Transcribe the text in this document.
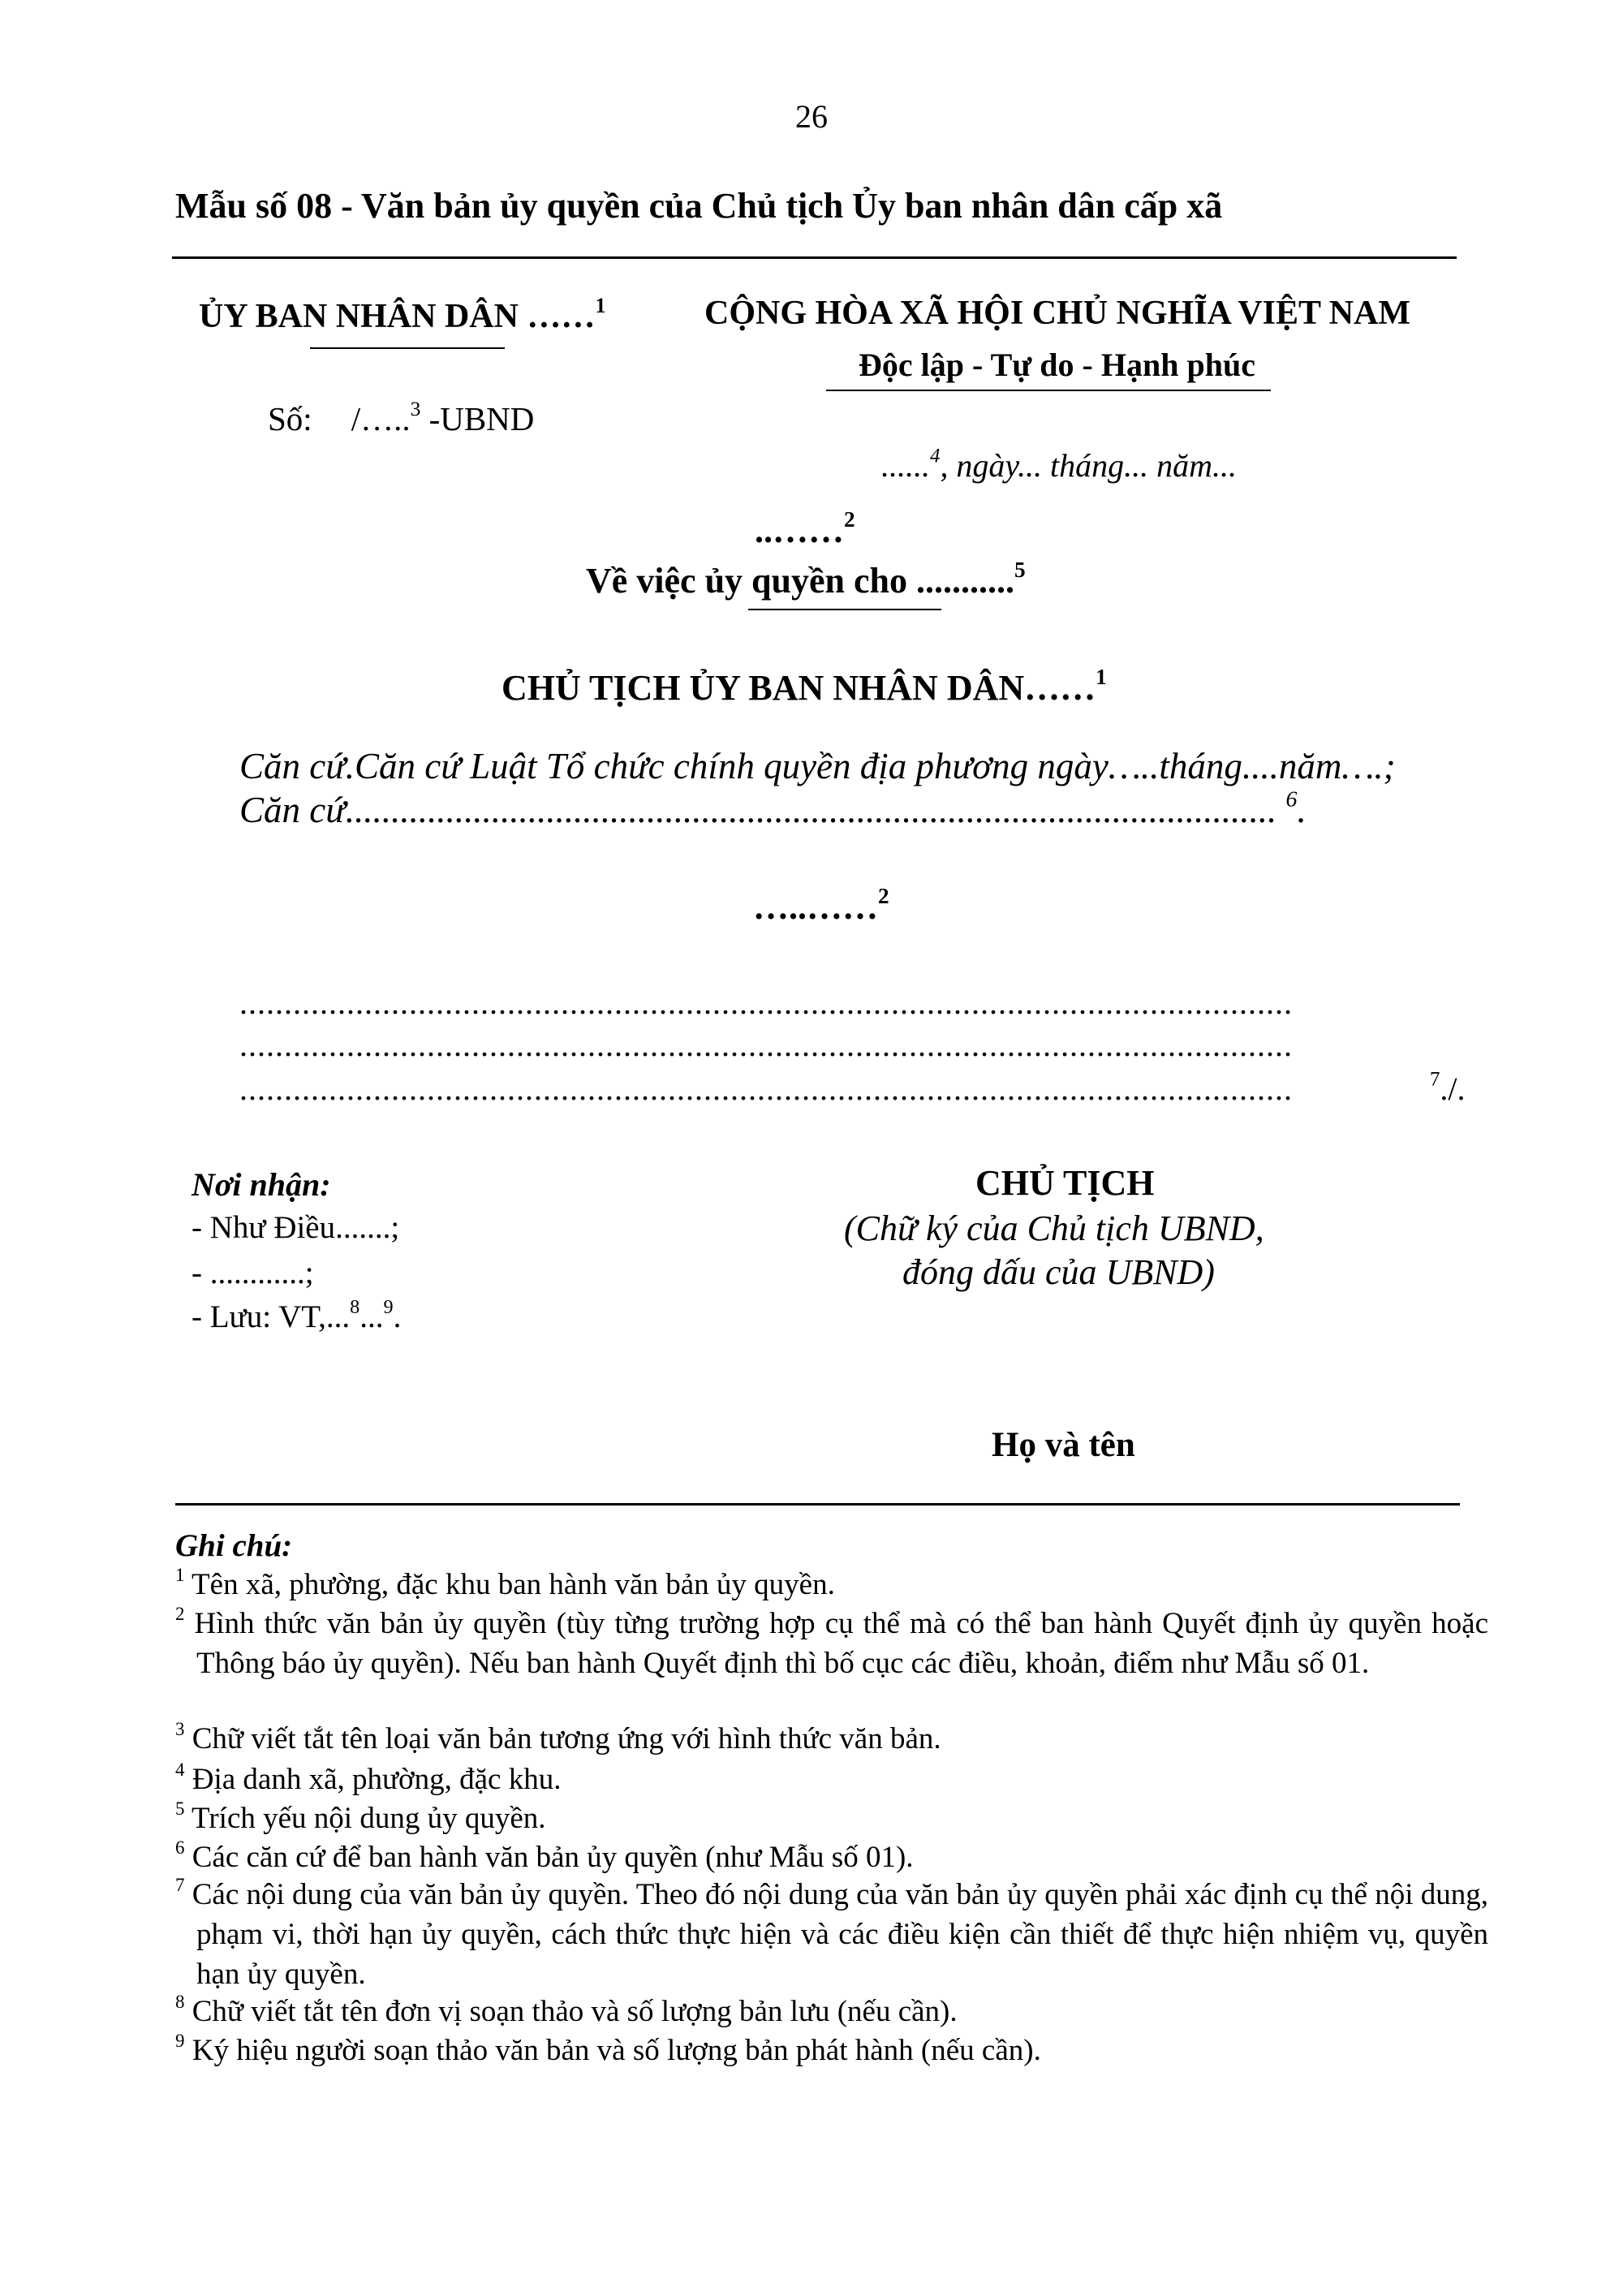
26
Mẫu số 08 - Văn bản ủy quyền của Chủ tịch Ủy ban nhân dân cấp xã
ỦY BAN NHÂN DÂN ……$^1$
Số: /…..$^3$ -UBND
CỘNG HÒA XÃ HỘI CHỦ NGHĨA VIỆT NAM
Độc lập - Tự do - Hạnh phúc
......$^4$, ngày... tháng... năm...
..……$^2$
Về việc ủy quyền cho ...........$^5$
CHỦ TỊCH ỦY BAN NHÂN DÂN……$^1$
Căn cứ.Căn cứ Luật Tổ chức chính quyền địa phương ngày…..tháng....năm….;
Căn cứ...................................................................................................... $^6$.
…..……$^2$
......................................................................................................................
......................................................................................................................
......................................................................................................................	$^7$./.
Nơi nhận:
- Như Điều.......;
- ............;
- Lưu: VT,...$^8$...$^9$.
CHỦ TỊCH
(Chữ ký của Chủ tịch UBND,
đóng dấu của UBND)
Họ và tên
Ghi chú:
$^1$ Tên xã, phường, đặc khu ban hành văn bản ủy quyền.
$^2$ Hình thức văn bản ủy quyền (tùy từng trường hợp cụ thể mà có thể ban hành Quyết định ủy quyền hoặc Thông báo ủy quyền). Nếu ban hành Quyết định thì bố cục các điều, khoản, điểm như Mẫu số 01.
$^3$ Chữ viết tắt tên loại văn bản tương ứng với hình thức văn bản.
$^4$ Địa danh xã, phường, đặc khu.
$^5$ Trích yếu nội dung ủy quyền.
$^6$ Các căn cứ để ban hành văn bản ủy quyền (như Mẫu số 01).
$^7$ Các nội dung của văn bản ủy quyền. Theo đó nội dung của văn bản ủy quyền phải xác định cụ thể nội dung, phạm vi, thời hạn ủy quyền, cách thức thực hiện và các điều kiện cần thiết để thực hiện nhiệm vụ, quyền hạn ủy quyền.
$^8$ Chữ viết tắt tên đơn vị soạn thảo và số lượng bản lưu (nếu cần).
$^9$ Ký hiệu người soạn thảo văn bản và số lượng bản phát hành (nếu cần).
